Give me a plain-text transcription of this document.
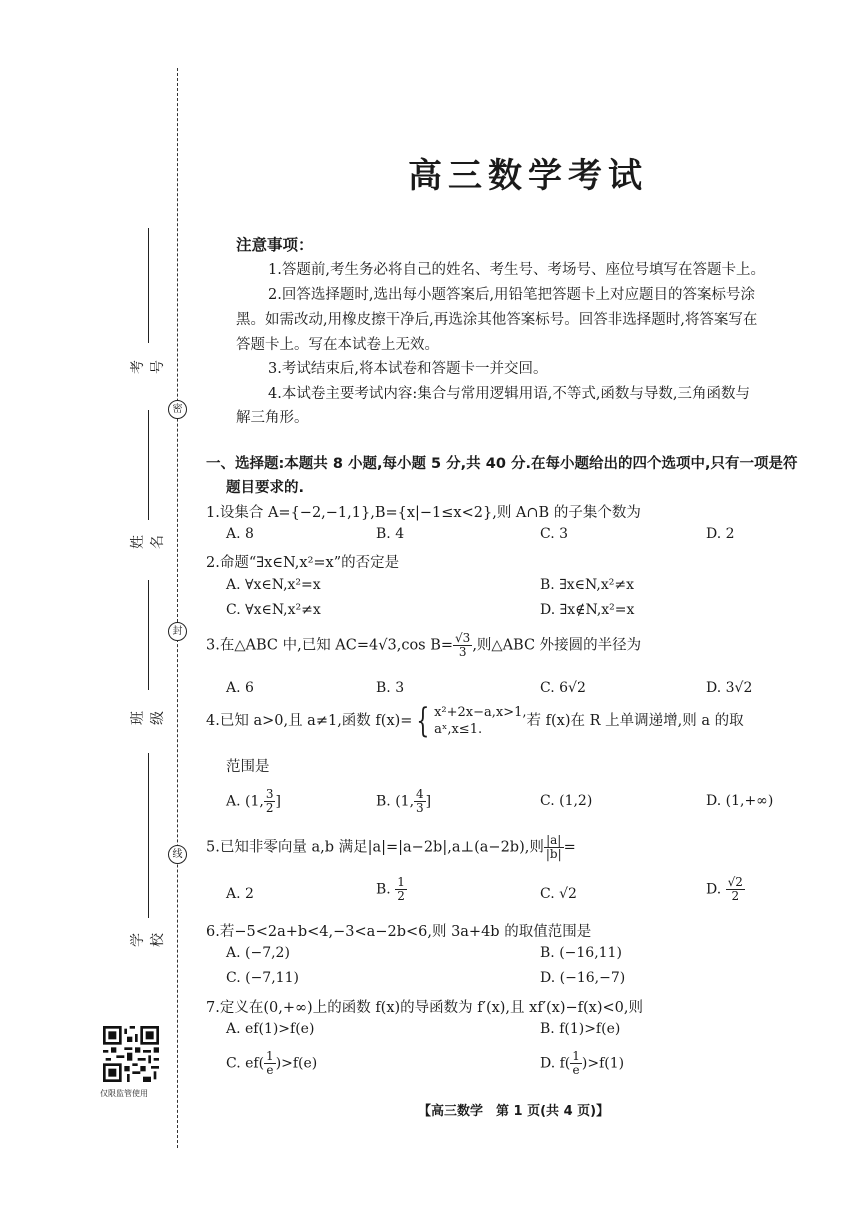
考号
姓名
班级
学校
密
封
线
仅限监管使用
高三数学考试
注意事项：
1.答题前,考生务必将自己的姓名、考生号、考场号、座位号填写在答题卡上。
2.回答选择题时,选出每小题答案后,用铅笔把答题卡上对应题目的答案标号涂
黑。如需改动,用橡皮擦干净后,再选涂其他答案标号。回答非选择题时,将答案写在
答题卡上。写在本试卷上无效。
3.考试结束后,将本试卷和答题卡一并交回。
4.本试卷主要考试内容:集合与常用逻辑用语,不等式,函数与导数,三角函数与
解三角形。
一、选择题:本题共 8 小题,每小题 5 分,共 40 分.在每小题给出的四个选项中,只有一项是符
题目要求的.
1.设集合 A={−2,−1,1},B={x|−1≤x<2},则 A∩B 的子集个数为
A. 8	B. 4	C. 3	D. 2
2.命题“∃x∈N,x²=x”的否定是
A. ∀x∈N,x²=x	B. ∃x∈N,x²≠x
C. ∀x∈N,x²≠x	D. ∃x∉N,x²=x
3.在△ABC 中,已知 AC=4√3,cos $B= \frac{√3}{3}$ ,则△ABC 外接圆的半径为
A. 6	B. 3	C. 6√2	D. 3√2
4.已知 a>0,且 a≠1,函数 f(x)= { x²+2x−a,x>1,
aˣ,x≤1.
若 f(x)在 R 上单调递增,则 a 的取
范围是
A. (1, $\frac{3}{2}$ ]	B. (1, $\frac{4}{3}$ ]	C. (1,2)	D. (1,+∞)
5.已知非零向量 a,b 满足|a|=|a−2b|,a⊥(a−2b),则 $\frac{|a|}{|b|}$ =
A. 2	B. $\frac{1}{2}$	C. √2	D. $\frac{√2}{2}$
6.若−5<2a+b<4,−3<a−2b<6,则 3a+4b 的取值范围是
A. (−7,2)	B. (−16,11)
C. (−7,11)	D. (−16,−7)
7.定义在(0,+∞)上的函数 f(x)的导函数为 f′(x),且 xf′(x)−f(x)<0,则
A. ef(1)>f(e)	B. f(1)>f(e)
C. $ef( \frac{1}{e} )>f(e)$	D. $f( \frac{1}{e} )>f(1)$
【高三数学　第 1 页(共 4 页)】
